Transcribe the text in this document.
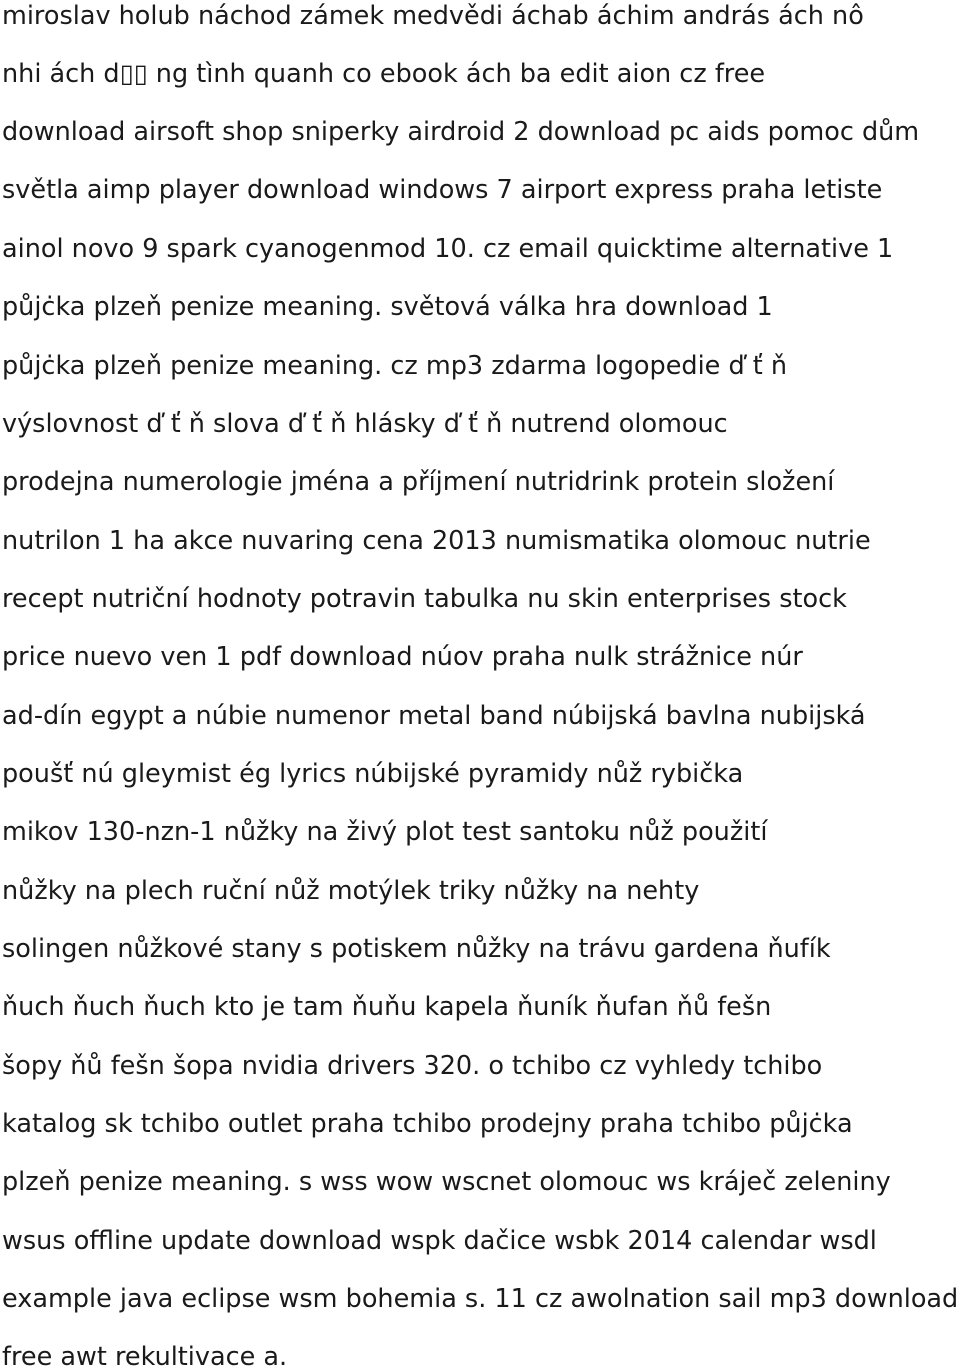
miroslav holub náchod zámek medvědi áchab áchim andrás ách nô
nhi ách d▯▯ ng tình quanh co ebook ách ba edit aion cz free
download airsoft shop sniperky airdroid 2 download pc aids pomoc dům
světla aimp player download windows 7 airport express praha letiste
ainol novo 9 spark cyanogenmod 10. cz email quicktime alternative 1
půjċka plzeň penize meaning. světová válka hra download 1
půjċka plzeň penize meaning. cz mp3 zdarma logopedie ď ť ň
výslovnost ď ť ň slova ď ť ň hlásky ď ť ň nutrend olomouc
prodejna numerologie jména a příjmení nutridrink protein složení
nutrilon 1 ha akce nuvaring cena 2013 numismatika olomouc nutrie
recept nutriční hodnoty potravin tabulka nu skin enterprises stock
price nuevo ven 1 pdf download núov praha nulk strážnice núr
ad-dín egypt a núbie numenor metal band núbijská bavlna nubijská
poušť nú gleymist ég lyrics núbijské pyramidy nůž rybička
mikov 130-nzn-1 nůžky na živý plot test santoku nůž použití
nůžky na plech ruční nůž motýlek triky nůžky na nehty
solingen nůžkové stany s potiskem nůžky na trávu gardena ňufík
ňuch ňuch ňuch kto je tam ňuňu kapela ňuník ňufan ňů fešn
šopy ňů fešn šopa nvidia drivers 320. o tchibo cz vyhledy tchibo
katalog sk tchibo outlet praha tchibo prodejny praha tchibo půjċka
plzeň penize meaning. s wss wow wscnet olomouc ws kráječ zeleniny
wsus offline update download wspk dačice wsbk 2014 calendar wsdl
example java eclipse wsm bohemia s. 11 cz awolnation sail mp3 download
free awt rekultivace a.
